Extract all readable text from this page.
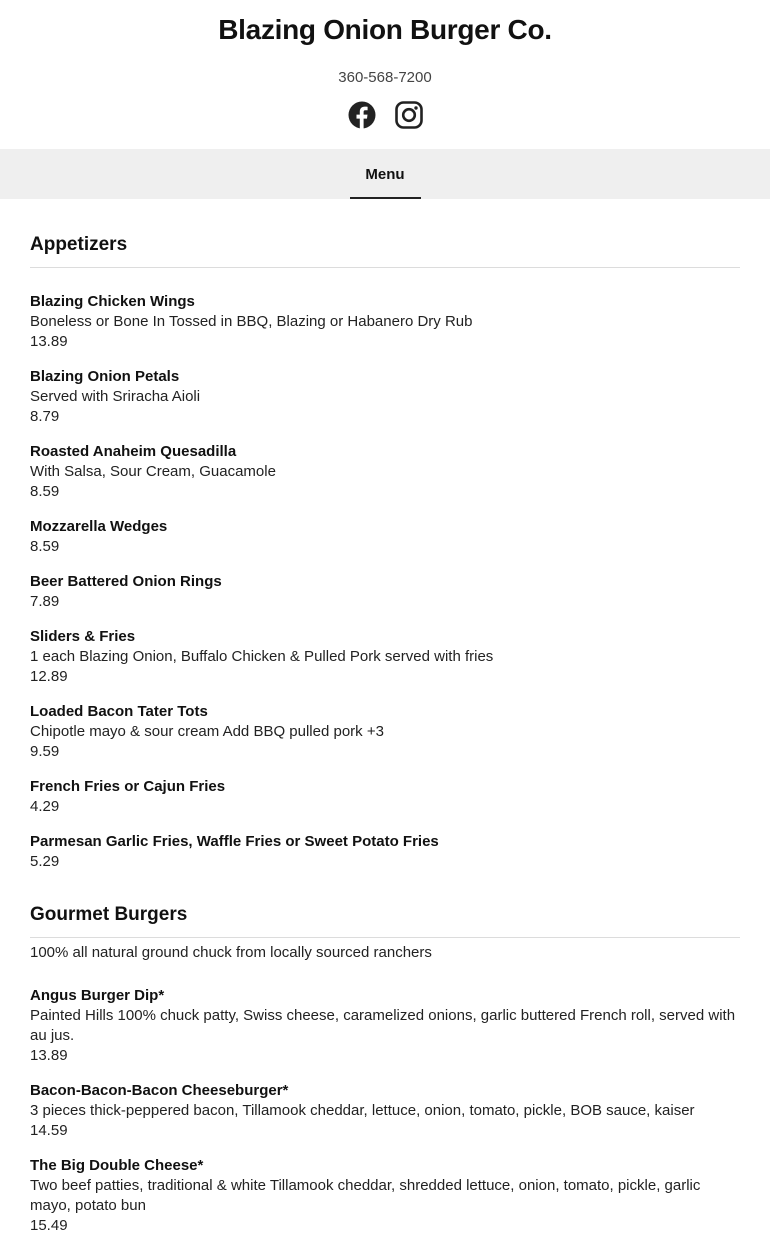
Blazing Onion Burger Co.
360-568-7200
Menu
Appetizers
Blazing Chicken Wings
Boneless or Bone In Tossed in BBQ, Blazing or Habanero Dry Rub
13.89
Blazing Onion Petals
Served with Sriracha Aioli
8.79
Roasted Anaheim Quesadilla
With Salsa, Sour Cream, Guacamole
8.59
Mozzarella Wedges
8.59
Beer Battered Onion Rings
7.89
Sliders & Fries
1 each Blazing Onion, Buffalo Chicken & Pulled Pork served with fries
12.89
Loaded Bacon Tater Tots
Chipotle mayo & sour cream Add BBQ pulled pork +3
9.59
French Fries or Cajun Fries
4.29
Parmesan Garlic Fries, Waffle Fries or Sweet Potato Fries
5.29
Gourmet Burgers
100% all natural ground chuck from locally sourced ranchers
Angus Burger Dip*
Painted Hills 100% chuck patty, Swiss cheese, caramelized onions, garlic buttered French roll, served with au jus.
13.89
Bacon-Bacon-Bacon Cheeseburger*
3 pieces thick-peppered bacon, Tillamook cheddar, lettuce, onion, tomato, pickle, BOB sauce, kaiser
14.59
The Big Double Cheese*
Two beef patties, traditional & white Tillamook cheddar, shredded lettuce, onion, tomato, pickle, garlic mayo, potato bun
15.49
